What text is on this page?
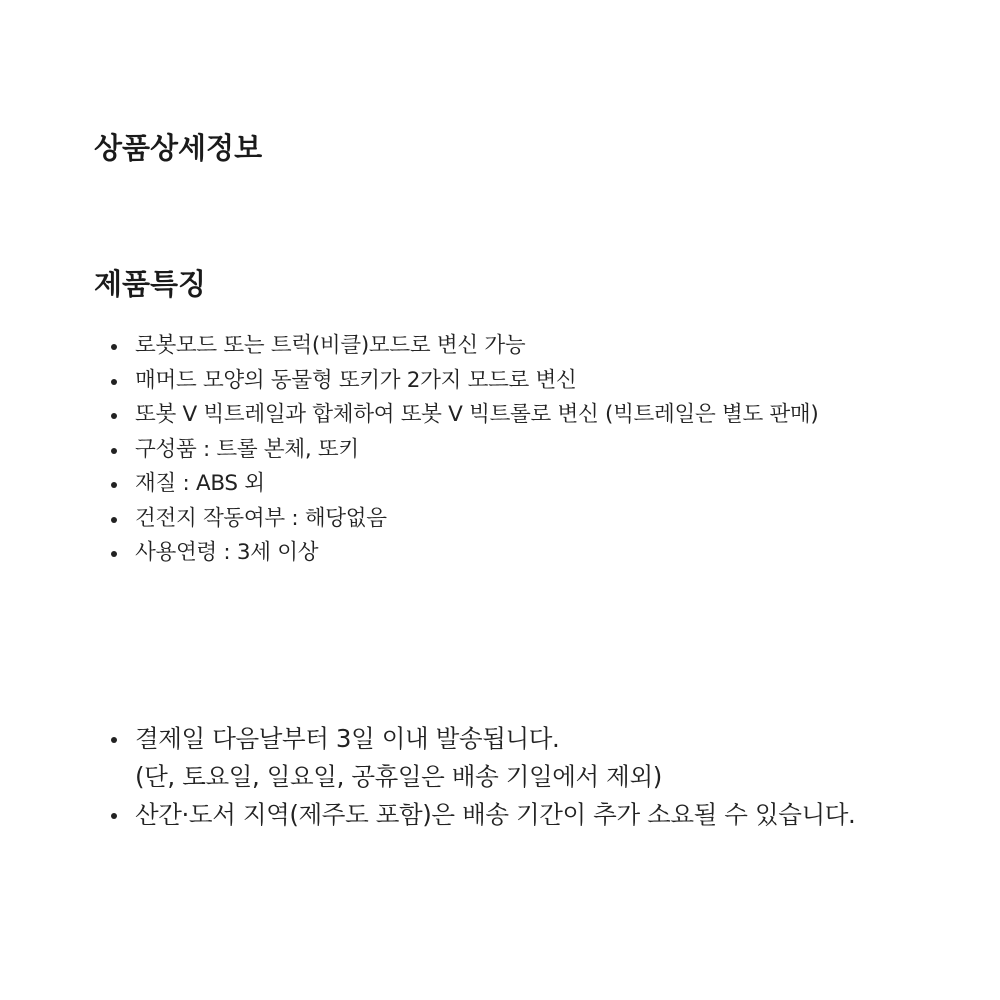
상품상세정보
제품특징
로봇모드 또는 트럭(비클)모드로 변신 가능
매머드 모양의 동물형 또키가 2가지 모드로 변신
또봇 V 빅트레일과 합체하여 또봇 V 빅트롤로 변신 (빅트레일은 별도 판매)
구성품 : 트롤 본체, 또키
재질 : ABS 외
건전지 작동여부 : 해당없음
사용연령 : 3세 이상
결제일 다음날부터 3일 이내 발송됩니다.
(단, 토요일, 일요일, 공휴일은 배송 기일에서 제외)
산간·도서 지역(제주도 포함)은 배송 기간이 추가 소요될 수 있습니다.
